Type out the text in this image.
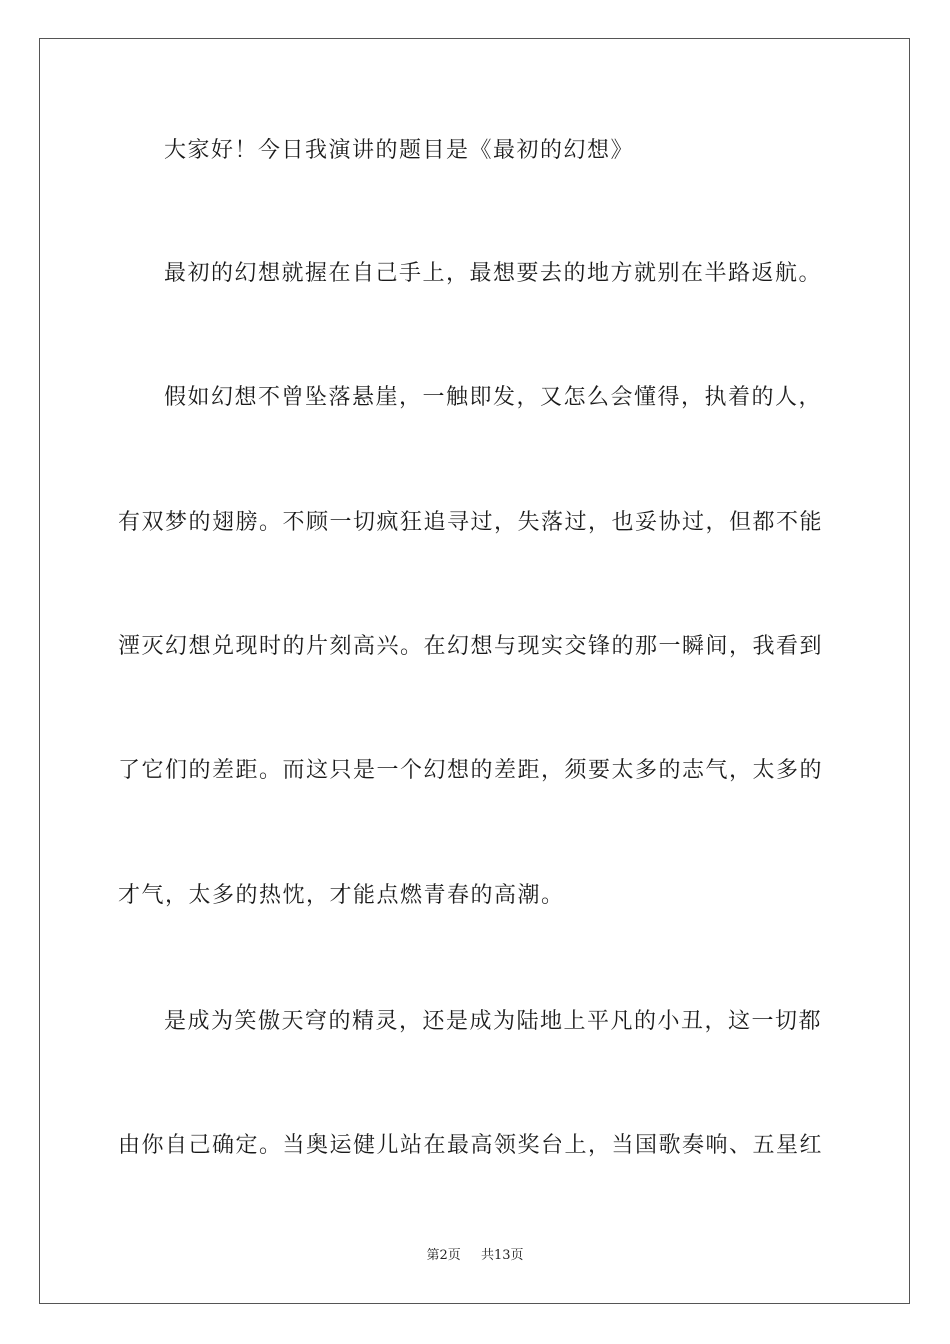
大家好！今日我演讲的题目是《最初的幻想》
最初的幻想就握在自己手上，最想要去的地方就别在半路返航。
假如幻想不曾坠落悬崖，一触即发，又怎么会懂得，执着的人，
有双梦的翅膀。不顾一切疯狂追寻过，失落过，也妥协过，但都不能
湮灭幻想兑现时的片刻高兴。在幻想与现实交锋的那一瞬间，我看到
了它们的差距。而这只是一个幻想的差距，须要太多的志气，太多的
才气，太多的热忱，才能点燃青春的高潮。
是成为笑傲天穹的精灵，还是成为陆地上平凡的小丑，这一切都
由你自己确定。当奥运健儿站在最高领奖台上，当国歌奏响、五星红
第2页 共13页
